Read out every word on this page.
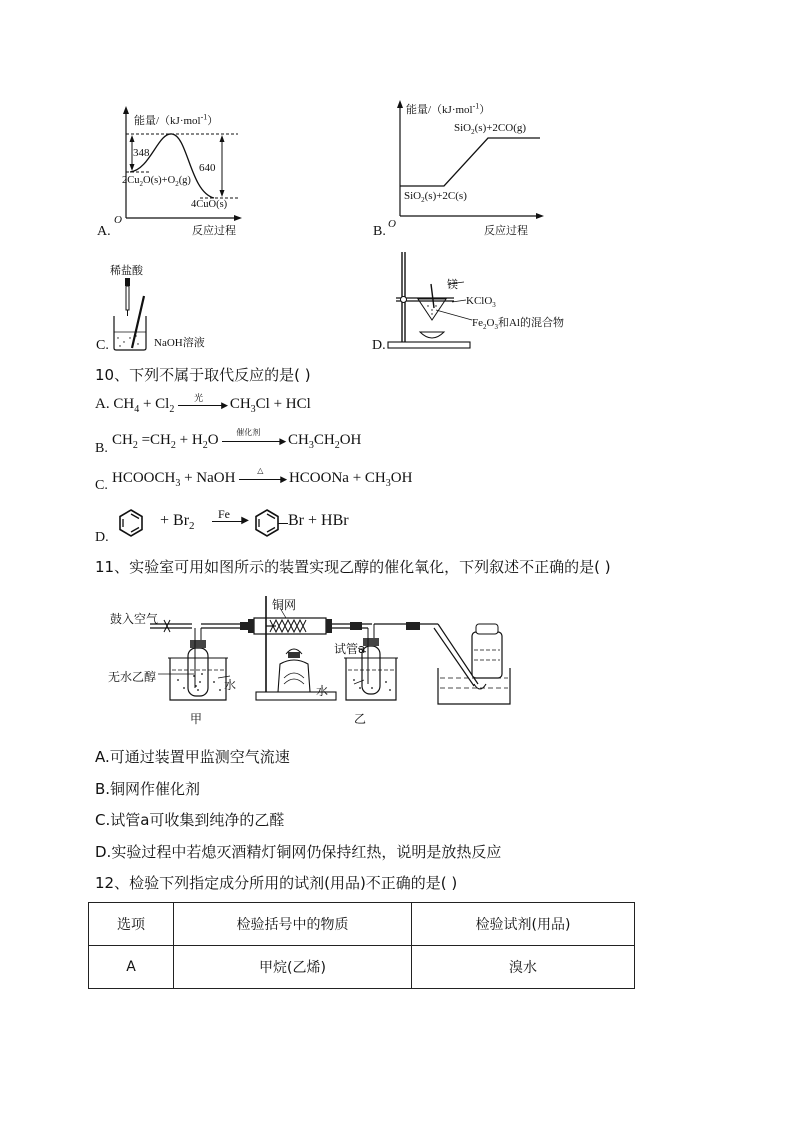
能量/（kJ·mol$^{-1}$）
348
640
$2Cu_2O(s)+O_2(g)$
4CuO(s)
O
反应过程
A.
能量/（kJ·mol$^{-1}$）
SiO$_2$(s)+2CO(g)
SiO$_2$(s)+2C(s)
O
反应过程
B.
稀盐酸
NaOH溶液
C.
镁
KClO$_3$
$Fe_2O_3$和Al的混合物
D.
10、下列不属于取代反应的是( )
A. $CH_4 + Cl_2$
光
▶ $CH_3Cl$ + HCl
B.
$CH_2 =CH_2 + H_2O$ 催化剂
▶ $CH_3CH_2OH$
C. $HCOOCH_3$ + NaOH	△
▶ HCOONa + $CH_3OH$
D.
+ $Br_2$
Fe ▶ Br + HBr
11、实验室可用如图所示的装置实现乙醇的催化氧化，下列叙述不正确的是( )
鼓入空气
铜网
试管a
无水乙醇
水	水
甲	乙
A.可通过装置甲监测空气流速
B.铜网作催化剂
C.试管a可收集到纯净的乙醛
D.实验过程中若熄灭酒精灯铜网仍保持红热，说明是放热反应
12、检验下列指定成分所用的试剂(用品)不正确的是( )
选项	检验括号中的物质	检验试剂(用品)
A	甲烷(乙烯)	溴水
